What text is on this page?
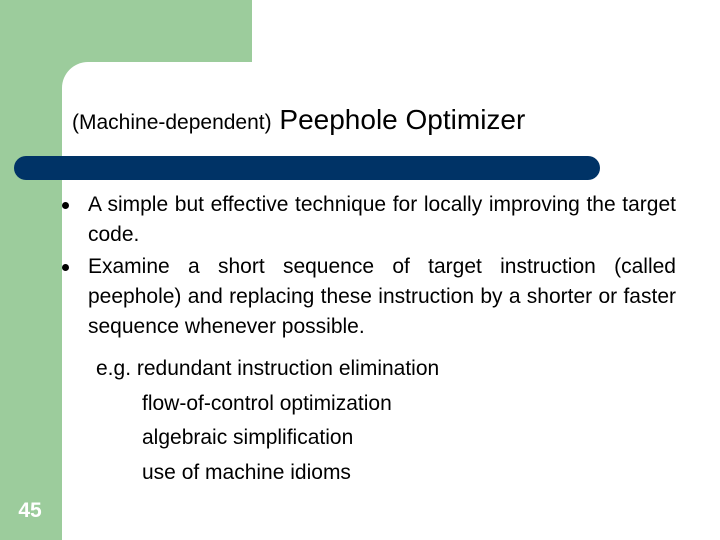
(Machine-dependent) Peephole Optimizer
A simple but effective technique for locally improving the target code.
Examine a short sequence of target instruction (called peephole) and replacing these instruction by a shorter or faster sequence whenever possible.
e.g. redundant instruction elimination
flow-of-control optimization
algebraic simplification
use of machine idioms
45
